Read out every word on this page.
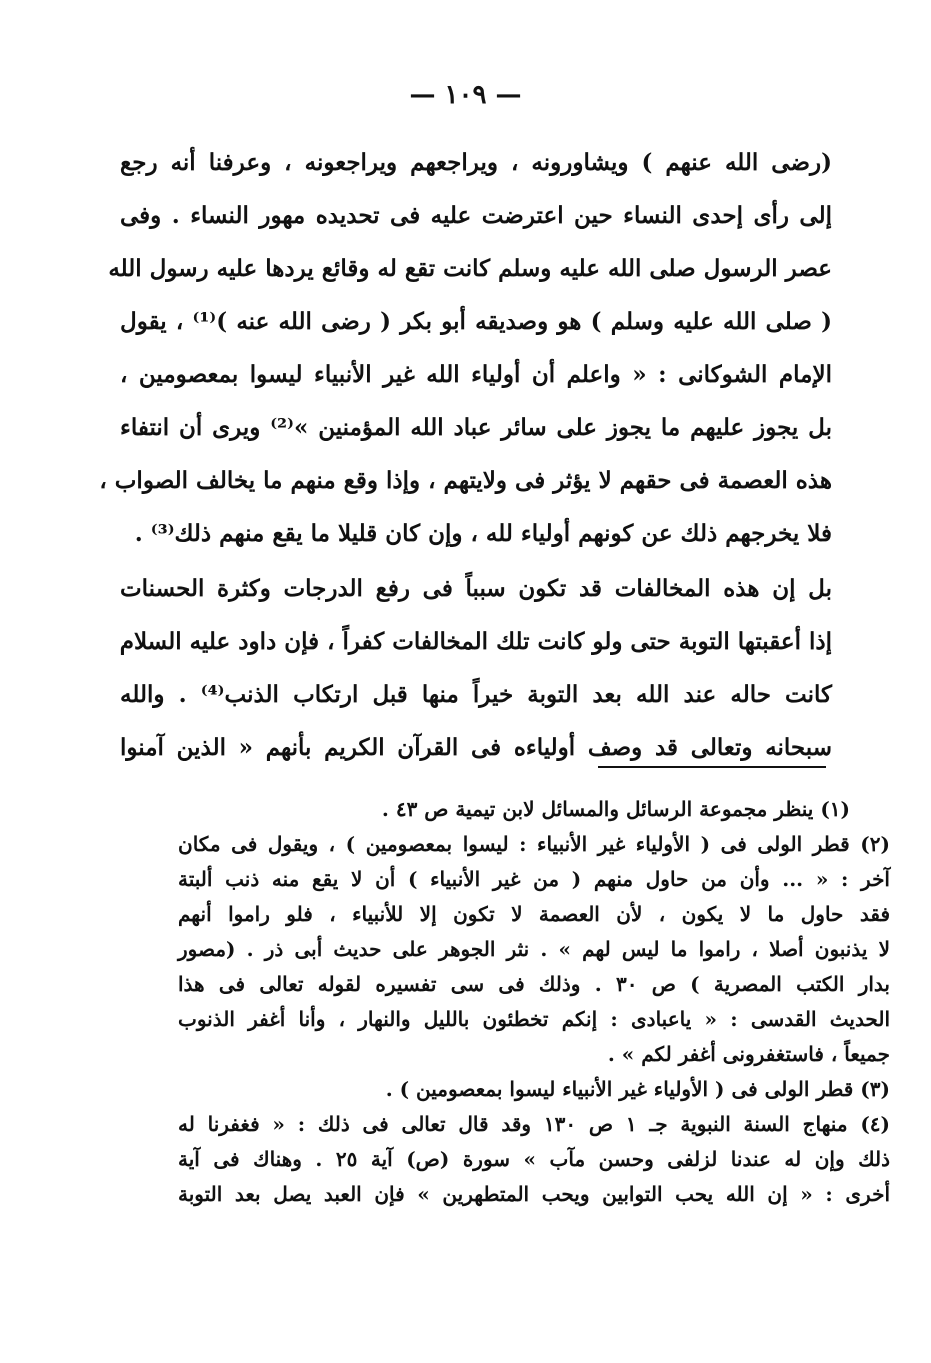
— ١٠٩ —
(رضى الله عنهم ) ويشاورونه ، ويراجعهم ويراجعونه ، وعرفنا أنه رجع
إلى رأى إحدى النساء حين اعترضت عليه فى تحديده مهور النساء . وفى
عصر الرسول صلى الله عليه وسلم كانت تقع له وقائع يردها عليه رسول الله
( صلى الله عليه وسلم ) هو وصديقه أبو بكر ( رضى الله عنه )⁽¹⁾ ، يقول
الإمام الشوكانى : « واعلم أن أولياء الله غير الأنبياء ليسوا بمعصومين ،
بل يجوز عليهم ما يجوز على سائر عباد الله المؤمنين »⁽²⁾ ويرى أن انتفاء
هذه العصمة فى حقهم لا يؤثر فى ولايتهم ، وإذا وقع منهم ما يخالف الصواب ،
فلا يخرجهم ذلك عن كونهم أولياء لله ، وإن كان قليلا ما يقع منهم ذلك⁽³⁾ .
بل إن هذه المخالفات قد تكون سبباً فى رفع الدرجات وكثرة الحسنات
إذا أعقبتها التوبة حتى ولو كانت تلك المخالفات كفراً ، فإن داود عليه السلام
كانت حاله عند الله بعد التوبة خيراً منها قبل ارتكاب الذنب⁽⁴⁾ . والله
سبحانه وتعالى قد وصف أولياءه فى القرآن الكريم بأنهم « الذين آمنوا
(١) ينظر مجموعة الرسائل والمسائل لابن تيمية ص ٤٣ .
(٢) قطر الولى فى ( الأولياء غير الأنبياء : ليسوا بمعصومين ) ، ويقول فى مكان
آخر : « ... وأن من حاول منهم ( من غير الأنبياء ) أن لا يقع منه ذنب ألبتة
فقد حاول ما لا يكون ، لأن العصمة لا تكون إلا للأنبياء ، فلو راموا أنهم
لا يذنبون أصلا ، راموا ما ليس لهم » . نثر الجوهر على حديث أبى ذر . (مصور
بدار الكتب المصرية ) ص ٣٠ . وذلك فى سى تفسيره لقوله تعالى فى هذا
الحديث القدسى : « ياعبادى : إنكم تخطئون بالليل والنهار ، وأنا أغفر الذنوب
جميعاً ، فاستغفرونى أغفر لكم » .
(٣) قطر الولى فى ( الأولياء غير الأنبياء ليسوا بمعصومين ) .
(٤) منهاج السنة النبوية جـ ١ ص ١٣٠ وقد قال تعالى فى ذلك : « فغفرنا له
ذلك وإن له عندنا لزلفى وحسن مآب » سورة (ص) آية ٢٥ . وهناك فى آية
أخرى : « إن الله يحب التوابين ويحب المتطهرين » فإن العبد يصل بعد التوبة
